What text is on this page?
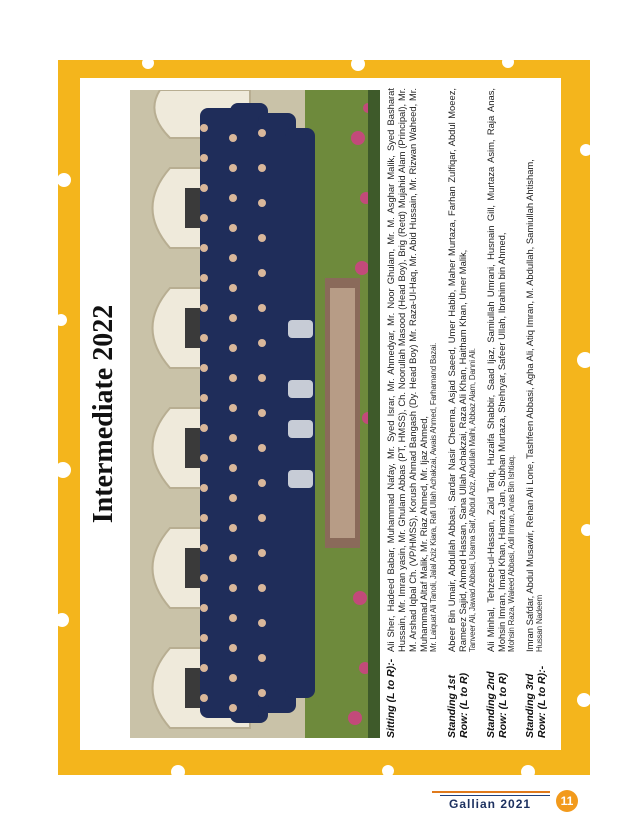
Intermediate 2022
Sitting (L to R):-
Ali Sher, Hadeed Babar, Muhammad Nafay, Mr. Syed Israr, Mr. Ahmedyar, Mr. Noor Ghulam, Mr. M. Asghar Malik, Syed Basharat Hussain, Mr. Imran yasin, Mr. Ghulam Abbas (PT, HMSS), Ch. Noorullah Masood (Head Boy), Brig (Retd) Mujahid Alam (Principal), Mr. M. Arshad Iqbal Ch. (VP/HMSS), Korush Ahmad Bangash (Dy. Head Boy) Mr. Raza-Ul-Haq, Mr. Abid Hussain, Mr. Rizwan Waheed, Mr. Muhammad Altaf Malik, Mr. Riaz Ahmed, Mr. Ijaz Ahmed, Mr. Laiquat Ali Tanoli, Jalal Aziz Kiara, Rafi Ullah Achakzai, Awais Ahmed, Farhamand Bazai.
Standing 1st Row: (L to R)
Abeer Bin Umair, Abdullah Abbasi, Sardar Nasir Cheema, Asjad Saeed, Umer Habib, Maher Murtaza, Farhan Zulfiqar, Abdul Moeez, Rameez Sajid, Ahmed Hassan, Sana Ullah Achakzai, Raza Ali Khan, Haitham Khan, Umer Malik, Tanveer Ali, Jawad Abbasi, Usama Saif, Abdul Aziz, Abdullah Malhi, Abbaz Alam, Danni Ali.
Standing 2nd Row: (L to R)
Ali Minhal, Tehzeeb-ul-Hassan, Zaid Tariq, Huzaifa Shabbir, Saad Ijaz, Samiullah Umrani, Husnain Gill, Murtaza Asim, Raja Anas, Mohsin Imran, Imad Khan, Hamza Jan, Subhan Murtaza, Shehryar, Safeer Ullah, Ibrahim bin Ahmed, Mohsin Raza, Waleed Abbasi, Adil Imran, Anas Bin Ishtiaq.
Standing 3rd Row: (L to R):-
Imran Safdar, Abdul Musawir, Rehan Ali Lone, Tashfeen Abbasi, Agha Ali, Atiq Imran, M. Abdullah, Samiullah Ahtisham, Hussan Nadeem
Gallian 2021	11
